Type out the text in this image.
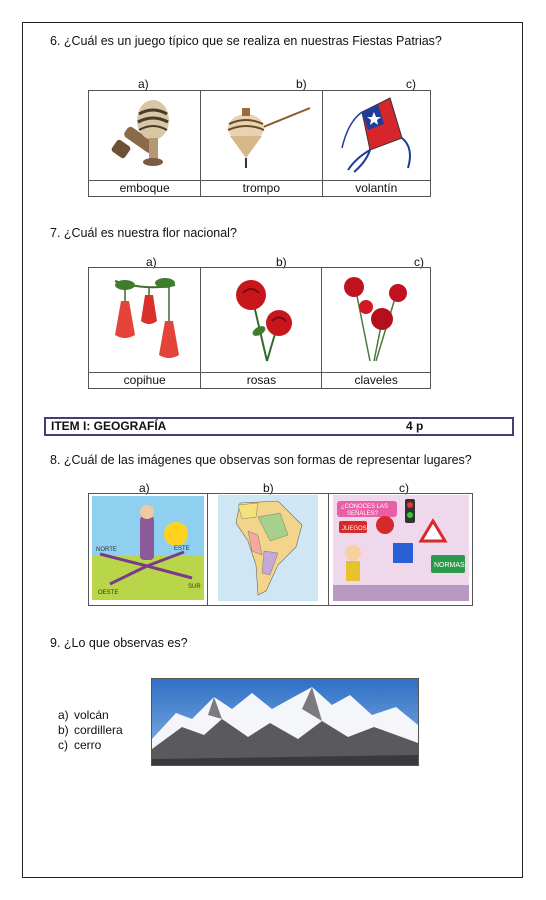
6. ¿Cuál es un juego típico que se realiza en nuestras Fiestas Patrias?
a)	b)	c)

emboque	trompo	volantín
7. ¿Cuál es nuestra flor nacional?
a)	b)	c)

copihue	rosas	claveles
ITEM I: GEOGRAFÍA	4 p
8. ¿Cuál de las imágenes que observas son formas de representar lugares?
a)	b)	c)
NORTE	ESTE
OESTE
SUR

¿CONOCES LAS
SEÑALES?
JUEGOS
NORMAS
9. ¿Lo que observas es?
a) volcán
b) cordillera
c) cerro
